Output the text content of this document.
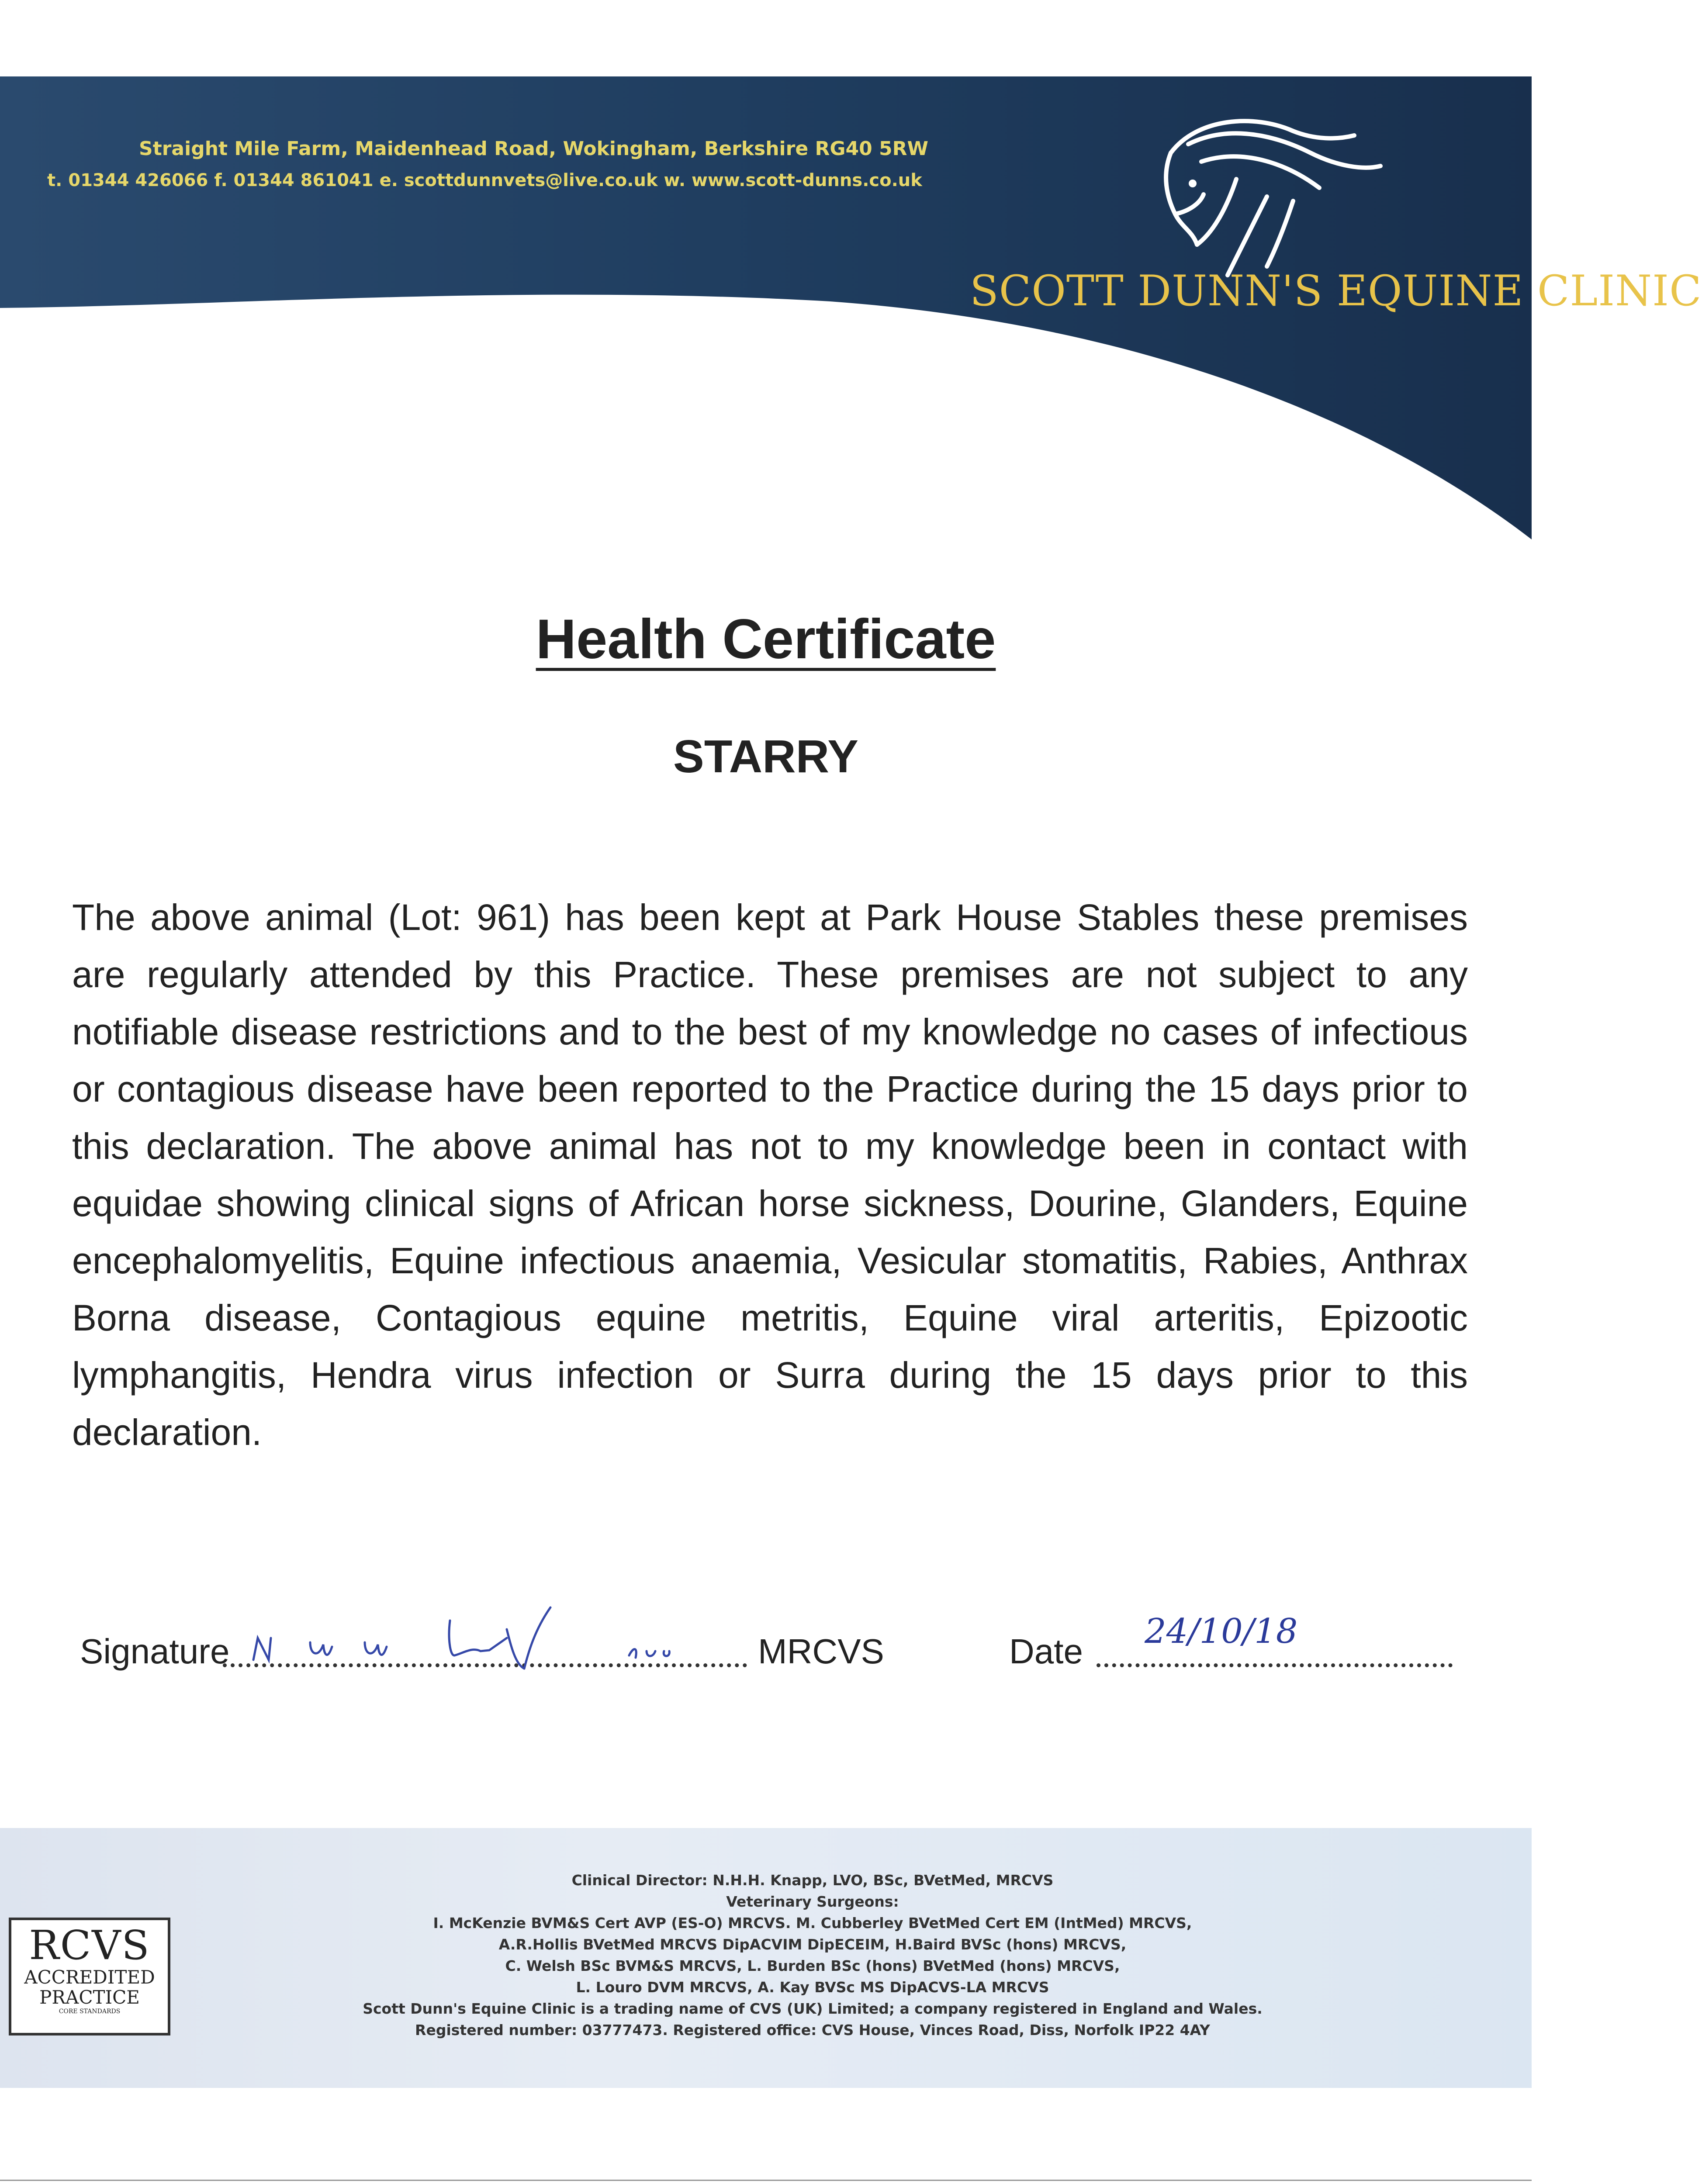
Straight Mile Farm, Maidenhead Road, Wokingham, Berkshire RG40 5RW
t. 01344 426066 f. 01344 861041 e. scottdunnvets@live.co.uk w. www.scott-dunns.co.uk
SCOTT DUNN'S EQUINE CLINIC
Health Certificate
STARRY
The above animal (Lot: 961) has been kept at Park House Stables these premises are regularly attended by this Practice. These premises are not subject to any notifiable disease restrictions and to the best of my knowledge no cases of infectious or contagious disease have been reported to the Practice during the 15 days prior to this declaration. The above animal has not to my knowledge been in contact with equidae showing clinical signs of African horse sickness, Dourine, Glanders, Equine encephalomyelitis, Equine infectious anaemia, Vesicular stomatitis, Rabies, Anthrax Borna disease, Contagious equine metritis, Equine viral arteritis, Epizootic lymphangitis, Hendra virus infection or Surra during the 15 days prior to this declaration.
Signature	MRCVS	Date
24/10/18
Clinical Director: N.H.H. Knapp, LVO, BSc, BVetMed, MRCVS
Veterinary Surgeons:
I. McKenzie BVM&S Cert AVP (ES-O) MRCVS. M. Cubberley BVetMed Cert EM (IntMed) MRCVS,
A.R.Hollis BVetMed MRCVS DipACVIM DipECEIM, H.Baird BVSc (hons) MRCVS,
C. Welsh BSc BVM&S MRCVS, L. Burden BSc (hons) BVetMed (hons) MRCVS,
L. Louro DVM MRCVS, A. Kay BVSc MS DipACVS-LA MRCVS
Scott Dunn's Equine Clinic is a trading name of CVS (UK) Limited; a company registered in England and Wales.
Registered number: 03777473. Registered office: CVS House, Vinces Road, Diss, Norfolk IP22 4AY
RCVS
ACCREDITED
PRACTICE
CORE STANDARDS
